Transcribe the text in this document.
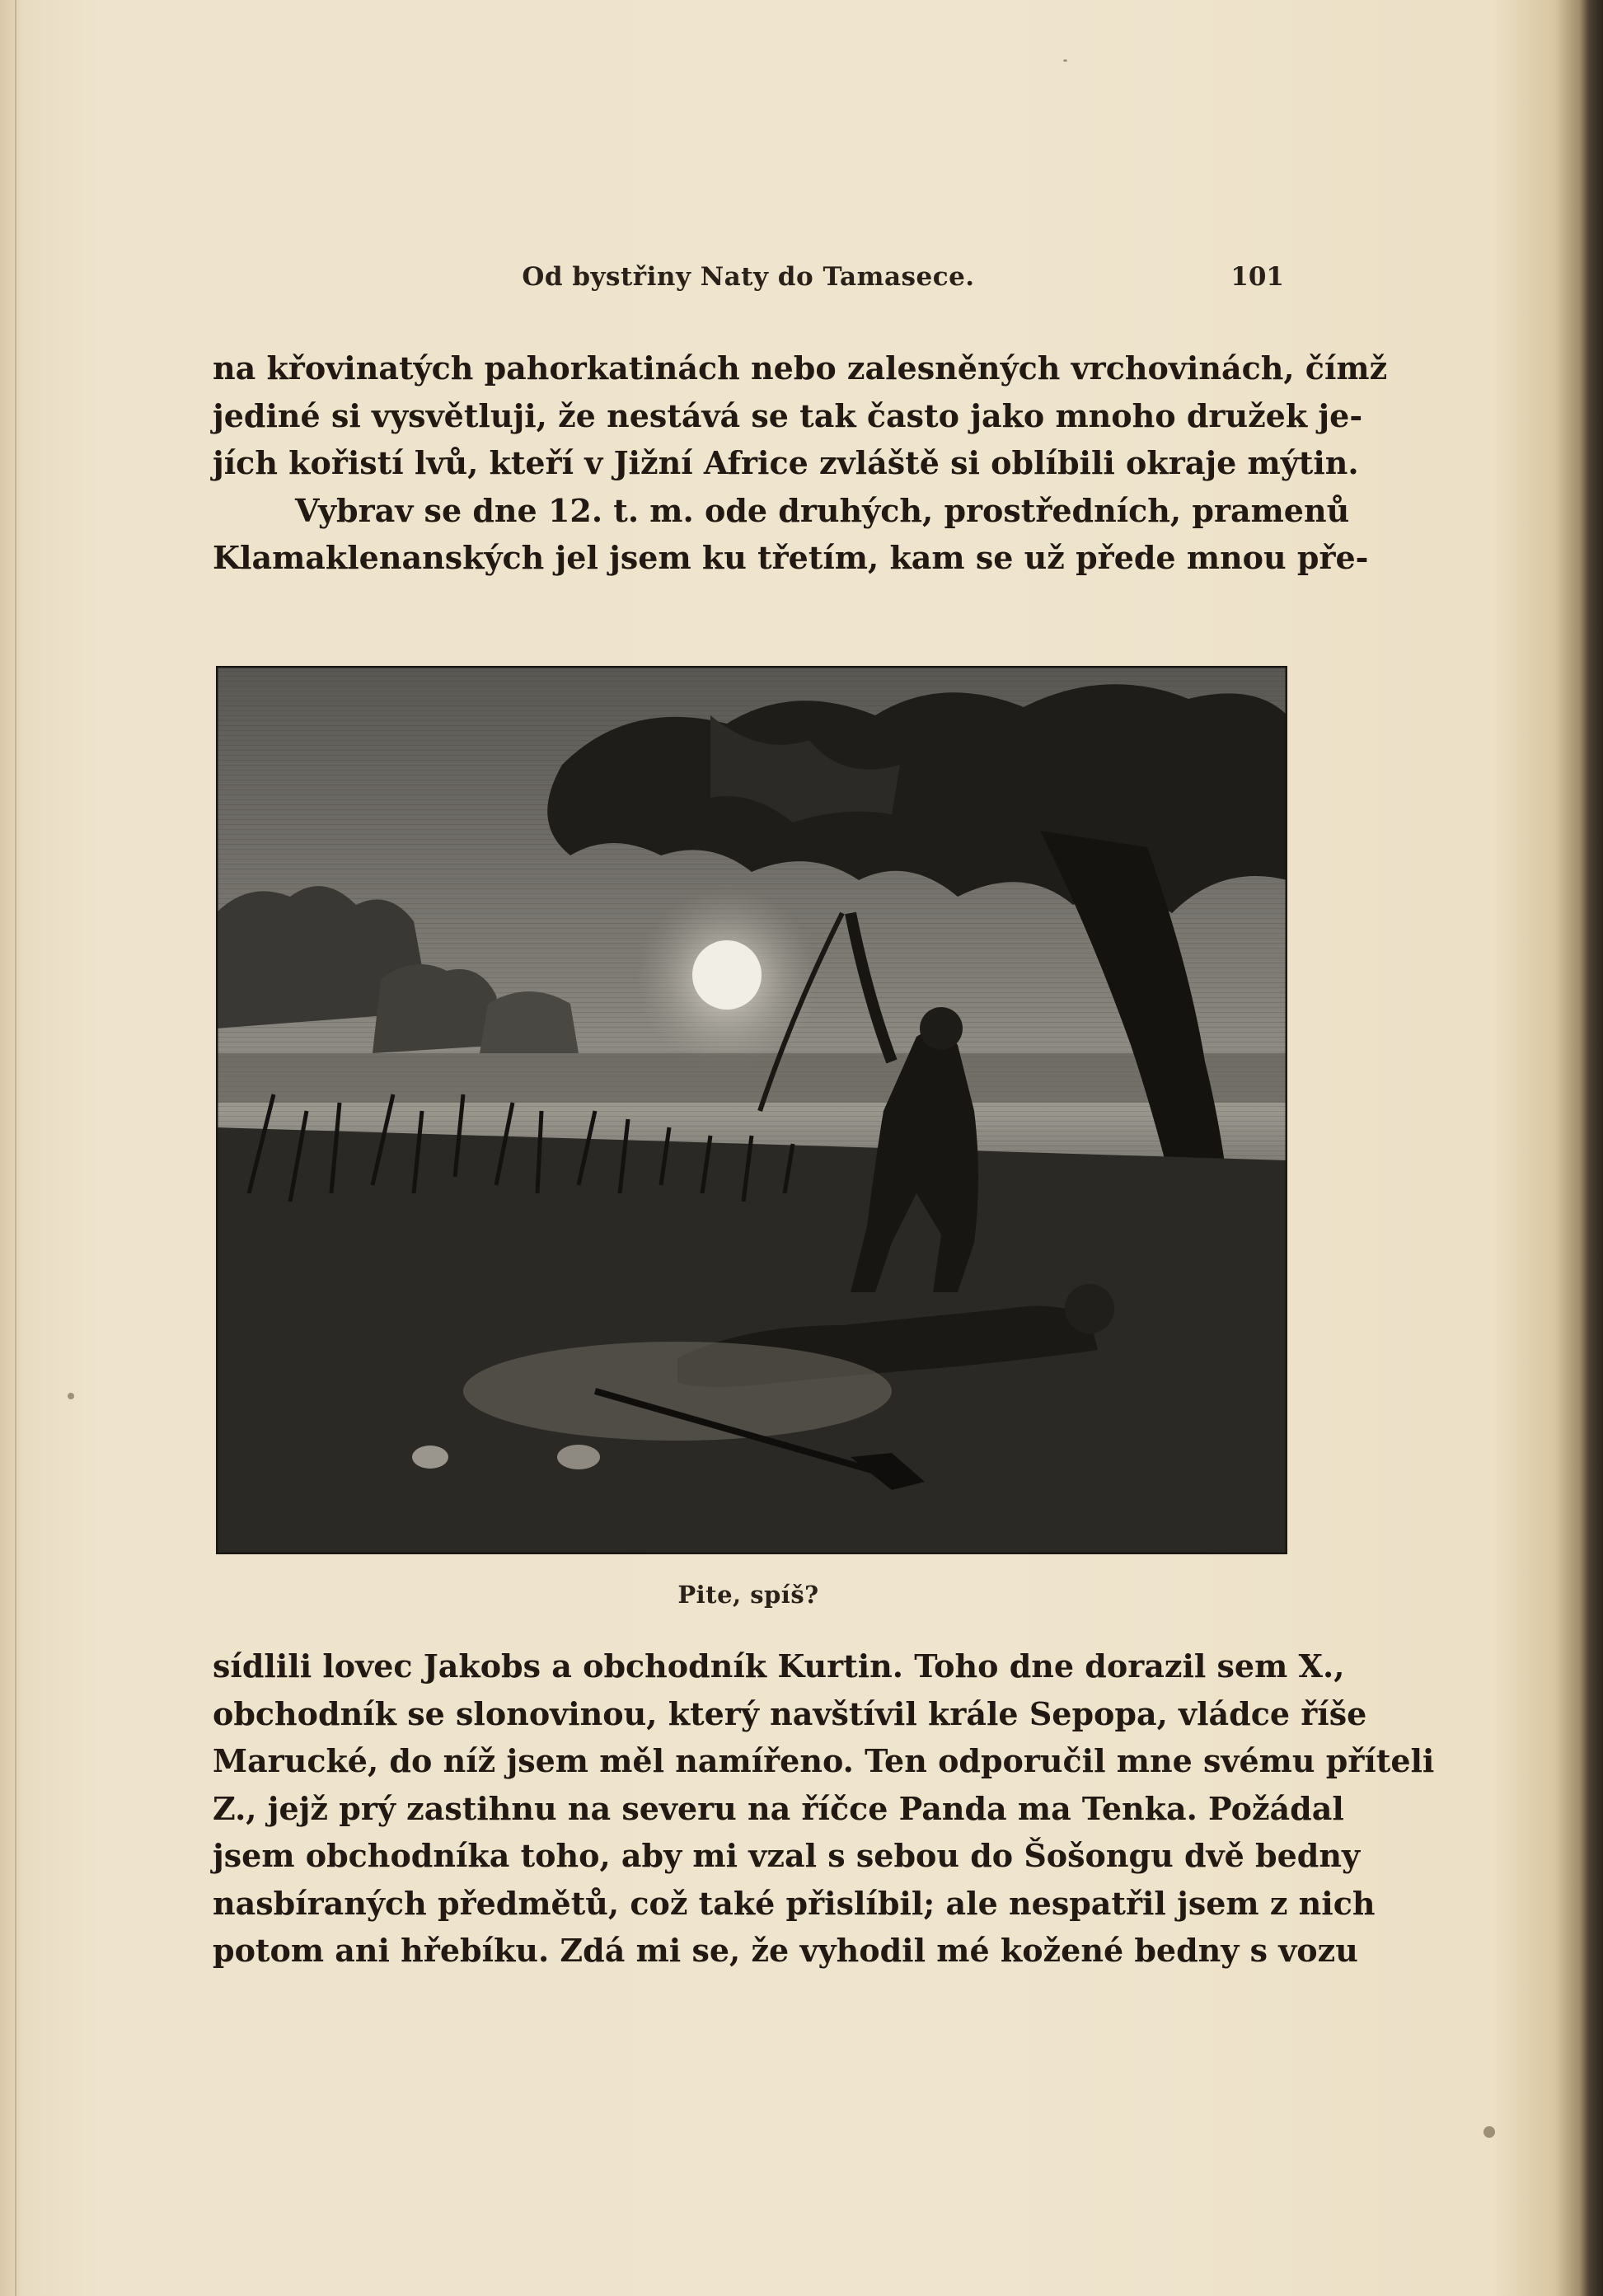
Od bystřiny Naty do Tamasece.	101
na křovinatých pahorkatinách nebo zalesněných vrchovinách, čímž
jediné si vysvětluji, že nestává se tak často jako mnoho družek je-
jích kořistí lvů, kteří v Jižní Africe zvláště si oblíbili okraje mýtin.
Vybrav se dne 12. t. m. ode druhých, prostředních, pramenů
Klamaklenanských jel jsem ku třetím, kam se už přede mnou pře-
Pite, spíš?
sídlili lovec Jakobs a obchodník Kurtin. Toho dne dorazil sem X.,
obchodník se slonovinou, který navštívil krále Sepopa, vládce říše
Marucké, do níž jsem měl namířeno. Ten odporučil mne svému příteli
Z., jejž prý zastihnu na severu na říčce Panda ma Tenka. Požádal
jsem obchodníka toho, aby mi vzal s sebou do Šošongu dvě bedny
nasbíraných předmětů, což také přislíbil; ale nespatřil jsem z nich
potom ani hřebíku. Zdá mi se, že vyhodil mé kožené bedny s vozu
